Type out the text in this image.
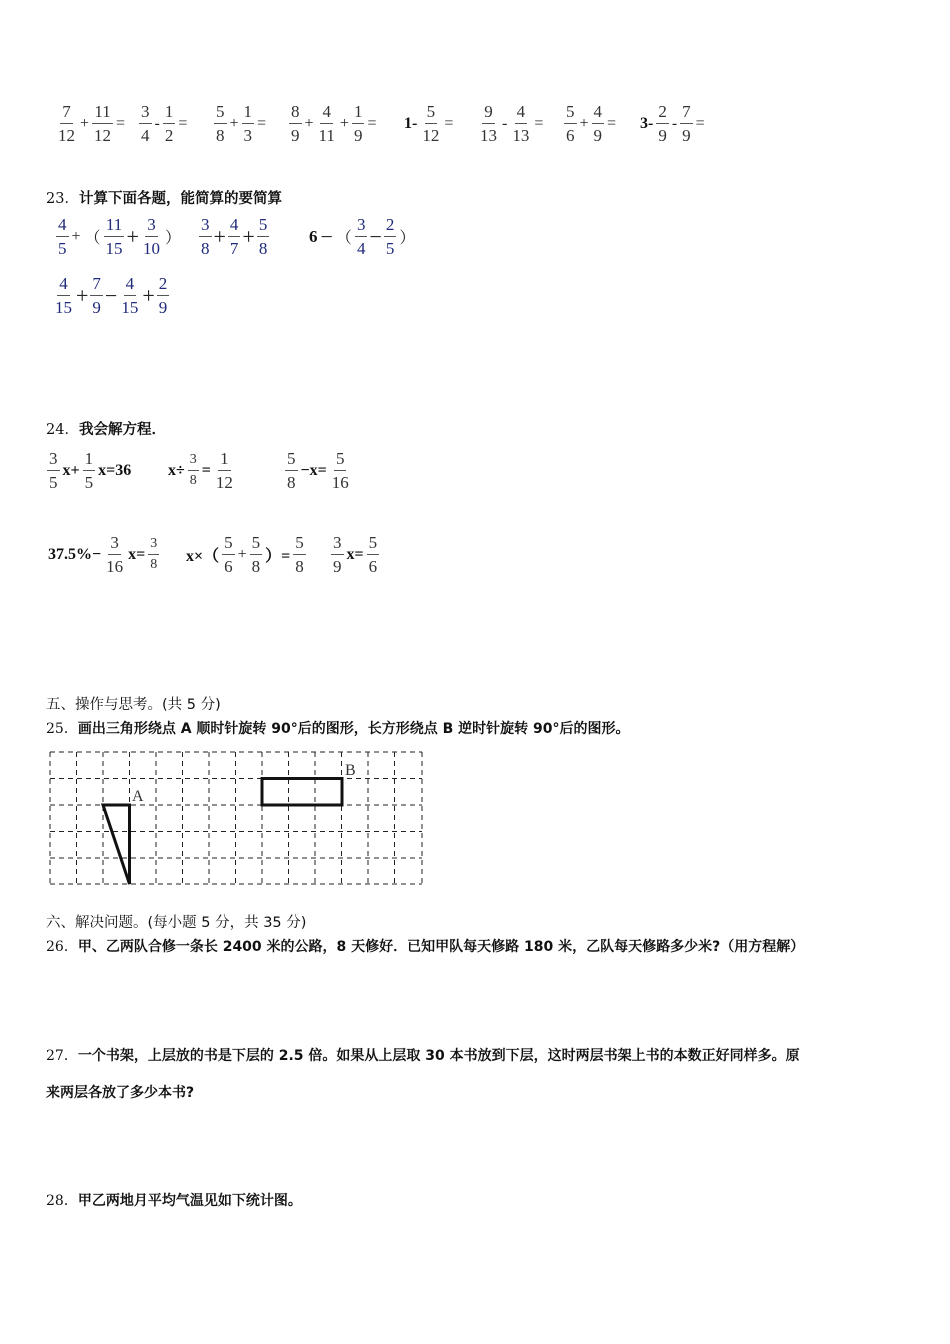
$\frac{7}{12} + \frac{11}{12} = \frac{3}{4} - \frac{1}{2} = \frac{5}{8} + \frac{1}{3} = \frac{8}{9} + \frac{4}{11} + \frac{1}{9} = 1- \frac{5}{12} = \frac{9}{13} - \frac{4}{13} = \frac{5}{6} + \frac{4}{9} = 3- \frac{2}{9} - \frac{7}{9}$ =
23．计算下面各题，能简算的要简算
$\frac{4}{5}$ + （ $\frac{11}{15} + \frac{3}{10}$ ） $\frac{3}{8} + \frac{4}{7} + \frac{5}{8} 6$ − （ $\frac{3}{4} - \frac{2}{5}$ ）
$\frac{4}{15} + \frac{7}{9} - \frac{4}{15} + \frac{2}{9}$
24．我会解方程．
$\frac{3}{5} x+ \frac{1}{5} x=36$ $x\div \frac{3}{8} = \frac{1}{12}$	$\frac{5}{8} -x= \frac{5}{16}$
$37.5\%- \frac{3}{16} x= \frac{3}{8} x\times( \frac{5}{6} + \frac{5}{8}$ ）= $\frac{5}{8} \frac{3}{9} x= \frac{5}{6}$
五、操作与思考。(共 5 分)
25．画出三角形绕点 A 顺时针旋转 90°后的图形，长方形绕点 B 逆时针旋转 90°后的图形。
A
B
六、解决问题。(每小题 5 分，共 35 分)
26．甲、乙两队合修一条长 2400 米的公路，8 天修好．已知甲队每天修路 180 米，乙队每天修路多少米?（用方程解）
27．一个书架，上层放的书是下层的 2.5 倍。如果从上层取 30 本书放到下层，这时两层书架上书的本数正好同样多。原
来两层各放了多少本书?
28．甲乙两地月平均气温见如下统计图。
